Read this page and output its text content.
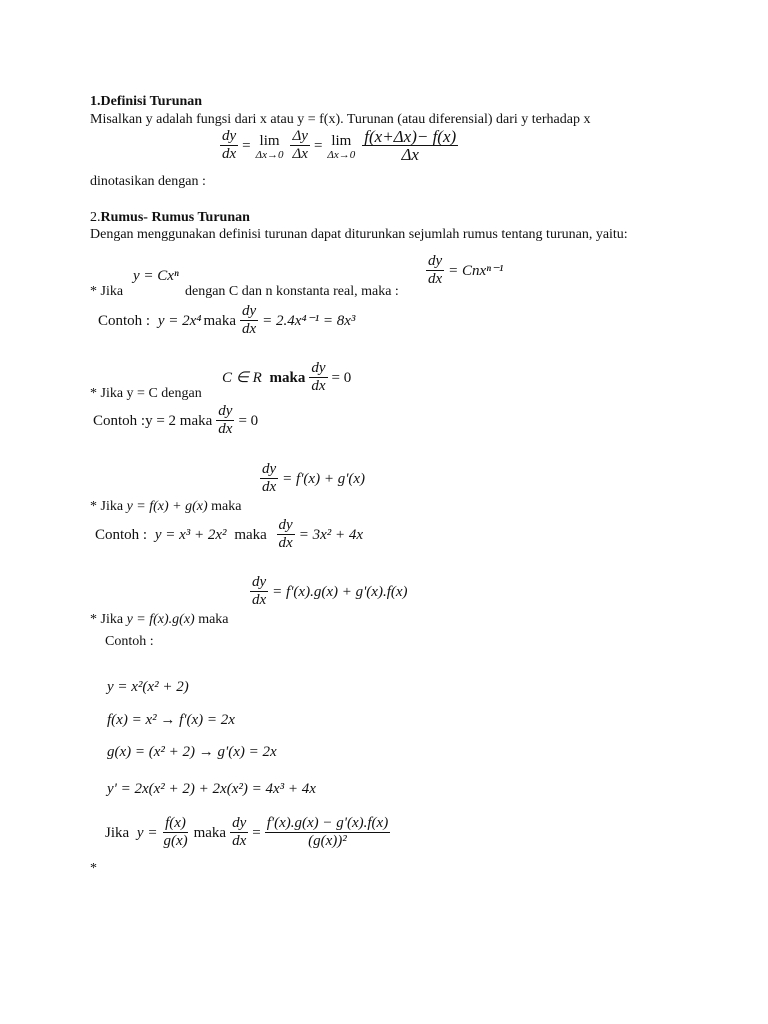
1.Definisi Turunan
Misalkan y adalah fungsi dari x atau y = f(x). Turunan (atau diferensial) dari y terhadap x
$\frac{dy}{dx} = \lim$
$\Delta x\to 0 \frac{\Delta y}{\Delta x} = \lim$
$\Delta x\to 0 \frac{f(x+\Delta x)- f(x)}{\Delta x}$
dinotasikan dengan :
2.Rumus- Rumus Turunan
Dengan menggunakan definisi turunan dapat diturunkan sejumlah rumus tentang turunan, yaitu:
y = Cxⁿ	$\frac{dy}{dx} = Cnx^{n-1}$
* Jika	dengan C dan n konstanta real, maka :
Contoh :
y = 2x⁴ maka $\frac{dy}{dx} = 2.4x^{4-1} = 8x^3$
C ∈ R
maka $\frac{dy}{dx} = 0$
* Jika y = C dengan
Contoh :y = 2 maka $\frac{dy}{dx} = 0$
$\frac{dy}{dx} = f'(x) + g'(x)$
* Jika y = f(x) + g(x) maka
Contoh :
y = x³ + 2x²
maka
$\frac{dy}{dx} = 3x^2 + 4x$
$\frac{dy}{dx} = f'(x).g(x) + g'(x).f(x)$
* Jika y = f(x).g(x) maka
Contoh :
y = x²(x² + 2)
f(x) = x² → f'(x) = 2x
g(x) = (x² + 2) → g'(x) = 2x
y' = 2x(x² + 2) + 2x(x²) = 4x³ + 4x
Jika
$y = \frac{f(x)}{g(x)}$ maka $\frac{dy}{dx} = \frac{f'(x).g(x) - g'(x).f(x)}{\text{(g(x))²}}$
*
